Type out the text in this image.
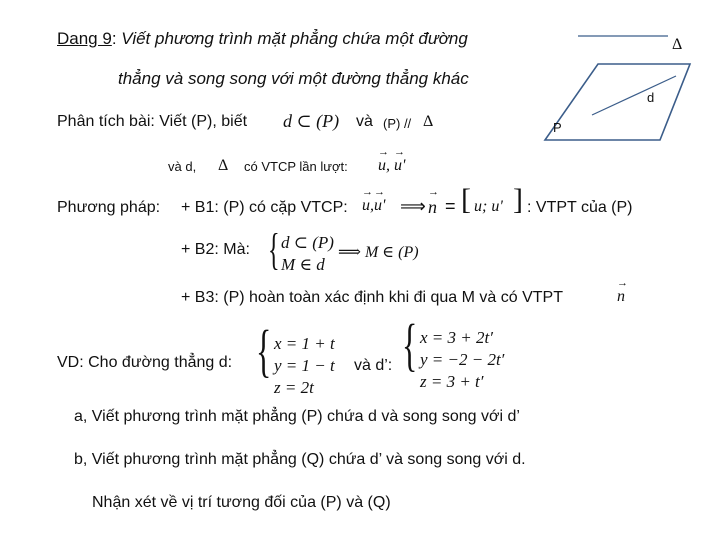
Δ
d
P
Dang 9: Viết phương trình mặt phẳng chứa một đường
thẳng và song song với một đường thẳng khác
Phân tích bài: Viết (P), biết d ⊂ (P) và (P) // Δ
và d, Δ có VTCP lần lượt: → u, → u'
Phương pháp: + B1: (P) có cặp VTCP: → u,→ u' ⟹ → n = [ u; u' ] : VTPT của (P)
+ B2: Mà: { d ⊂ (P)
M ∈ d
⟹ M ∈ (P)
+ B3: (P) hoàn toàn xác định khi đi qua M và có VTPT	→ n
VD: Cho đường thẳng d: { x = 1 + t
y = 1 − t
z = 2t
và d’: { x = 3 + 2t′
y = −2 − 2t′
z = 3 + t′
a, Viết phương trình mặt phẳng (P) chứa d và song song với d’
b, Viết phương trình mặt phẳng (Q) chứa d’ và song song với d.
Nhận xét về vị trí tương đối của (P) và (Q)
